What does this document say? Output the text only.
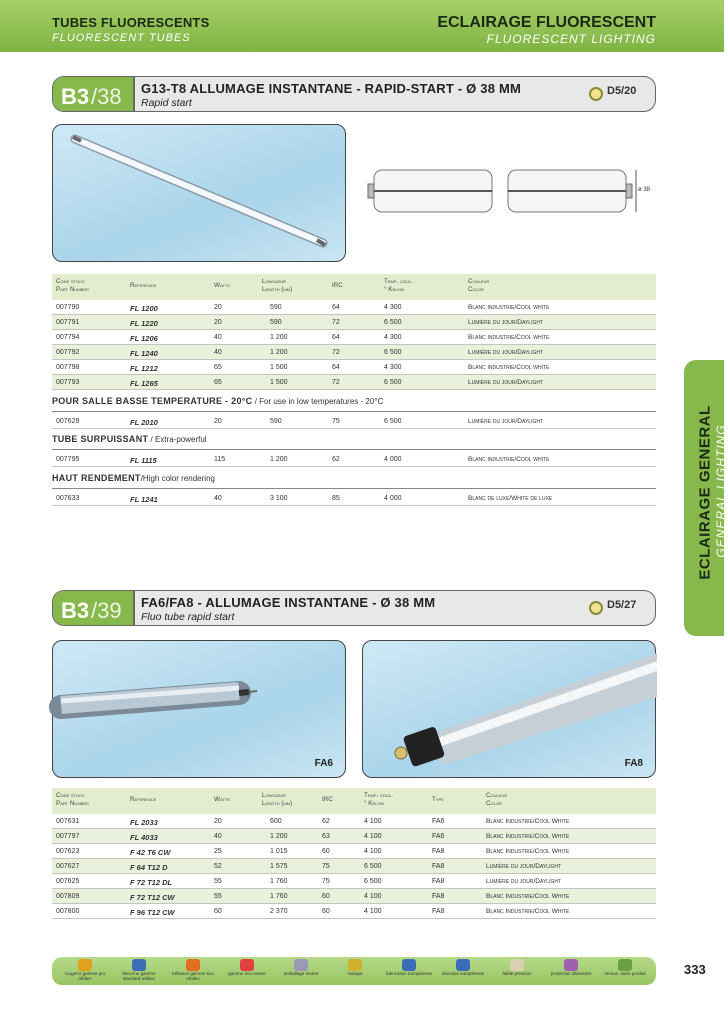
TUBES FLUORESCENTS
FLUORESCENT TUBES
ECLAIRAGE FLUORESCENT
FLUORESCENT LIGHTING
B3 /38 G13-T8 ALLUMAGE INSTANTANE - RAPID-START - Ø 38 MM
Rapid start
D5/20
ø 38
Code stock
Part Number
Reference	Watts
Longueur
Length (mm)
IRC
Temp. coul.
° Kelvin
Couleur
Color
007790	FL 1200	20	590	64	4 300	Blanc industrie/Cool white
007791	FL 1220	20	590	72	6 500	Lumière du jour/Daylight
007794	FL 1206	40	1 200	64	4 300	Blanc industrie/Cool white
007792	FL 1240	40	1 200	72	6 500	Lumière du jour/Daylight
007798	FL 1212	65	1 500	64	4 300	Blanc industrie/Cool white
007793	FL 1265	65	1 500	72	6 500	Lumière du jour/Daylight
POUR SALLE BASSE TEMPERATURE - 20°C / For use in low temperatures - 20°C
007629	FL 2010	20	590	75	6 500	Lumière du jour/Daylight
TUBE SURPUISSANT / Extra-powerful
007795	FL 1115	115	1 200	62	4 000	Blanc industrie/Cool white
HAUT RENDEMENT/High color rendering
007633	FL 1241	40	3 100	85	4 000	Blanc de luxe/White de luxe	ECLAIRAGE GENERAL GENERAL LIGHTING
B3 /39 FA6/FA8 - ALLUMAGE INSTANTANE - Ø 38 MM
Fluo tube rapid start
D5/27
FA6	FA8
Code stock
Part Number
Reference	Watts
Longueur
Length (mm)
IRC
Temp. coul.
° Kelvin
Type
Couleur
Color
007631	FL 2033	20	600	62	4 100	FA6	Blanc Industrie/Cool White
007797	FL 4033	40	1 200	63	4 100	FA6	Blanc Industrie/Cool White
007623	F 42 T6 CW	25	1 015	60	4 100	FA8	Blanc Industrie/Cool White
007627	F 64 T12 D	52	1 575	75	6 500	FA8	Lumière du jour/Daylight
007625	F 72 T12 DL	55	1 760	75	6 500	FA8	Lumière du jour/Daylight
007809	F 72 T12 CW	55	1 760	60	4 100	FA8	Blanc Industrie/Cool White
007800	F 96 T12 CW	60	2 370	60	4 100	FA8	Blanc Industrie/Cool White
rouge/or gamme pro orbitec
bleu line gamme standard orbitec
brillance gamme éco orbitec
gamme éco neutre	emballage neutre	marque	fabrication européenne	directive européenne	faible pression	protection ultraviolet	renouv. autre produit	333
